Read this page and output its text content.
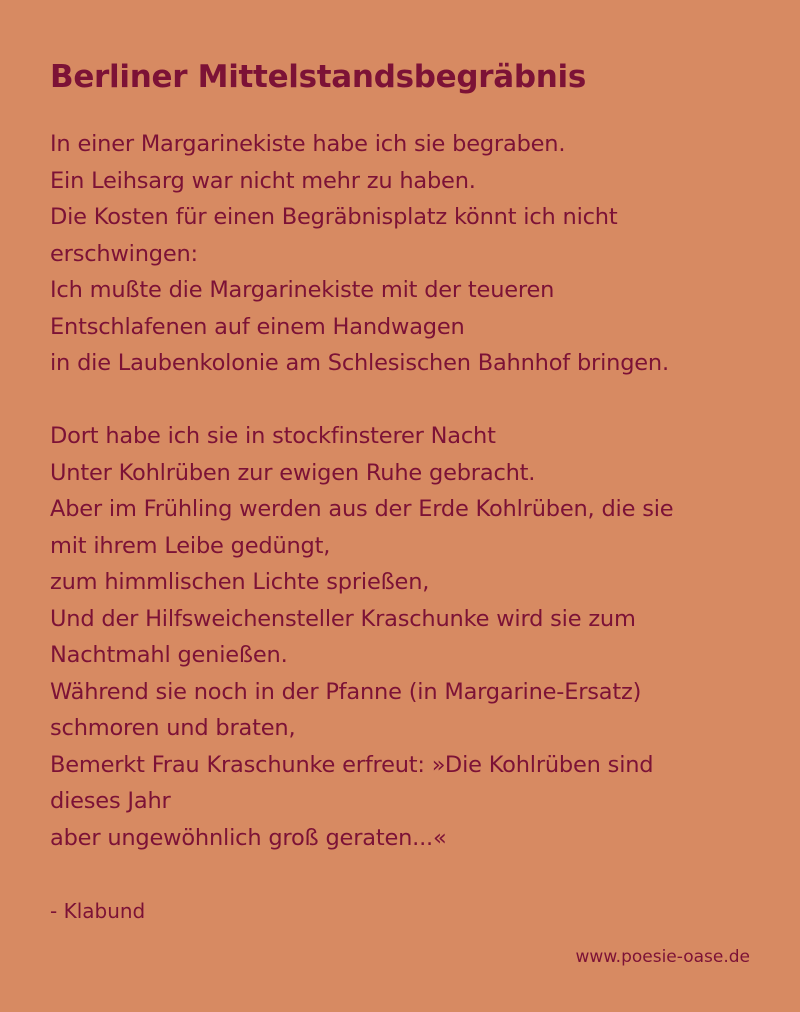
Berliner Mittelstandsbegräbnis

In einer Margarinekiste habe ich sie begraben.
Ein Leihsarg war nicht mehr zu haben.
Die Kosten für einen Begräbnisplatz könnt ich nicht
erschwingen:
Ich mußte die Margarinekiste mit der teueren
Entschlafenen auf einem Handwagen
in die Laubenkolonie am Schlesischen Bahnhof bringen.

Dort habe ich sie in stockfinsterer Nacht
Unter Kohlrüben zur ewigen Ruhe gebracht.
Aber im Frühling werden aus der Erde Kohlrüben, die sie
mit ihrem Leibe gedüngt,
zum himmlischen Lichte sprießen,
Und der Hilfsweichensteller Kraschunke wird sie zum
Nachtmahl genießen.
Während sie noch in der Pfanne (in Margarine-Ersatz)
schmoren und braten,
Bemerkt Frau Kraschunke erfreut: »Die Kohlrüben sind
dieses Jahr
aber ungewöhnlich groß geraten...«

- Klabund
www.poesie-oase.de
